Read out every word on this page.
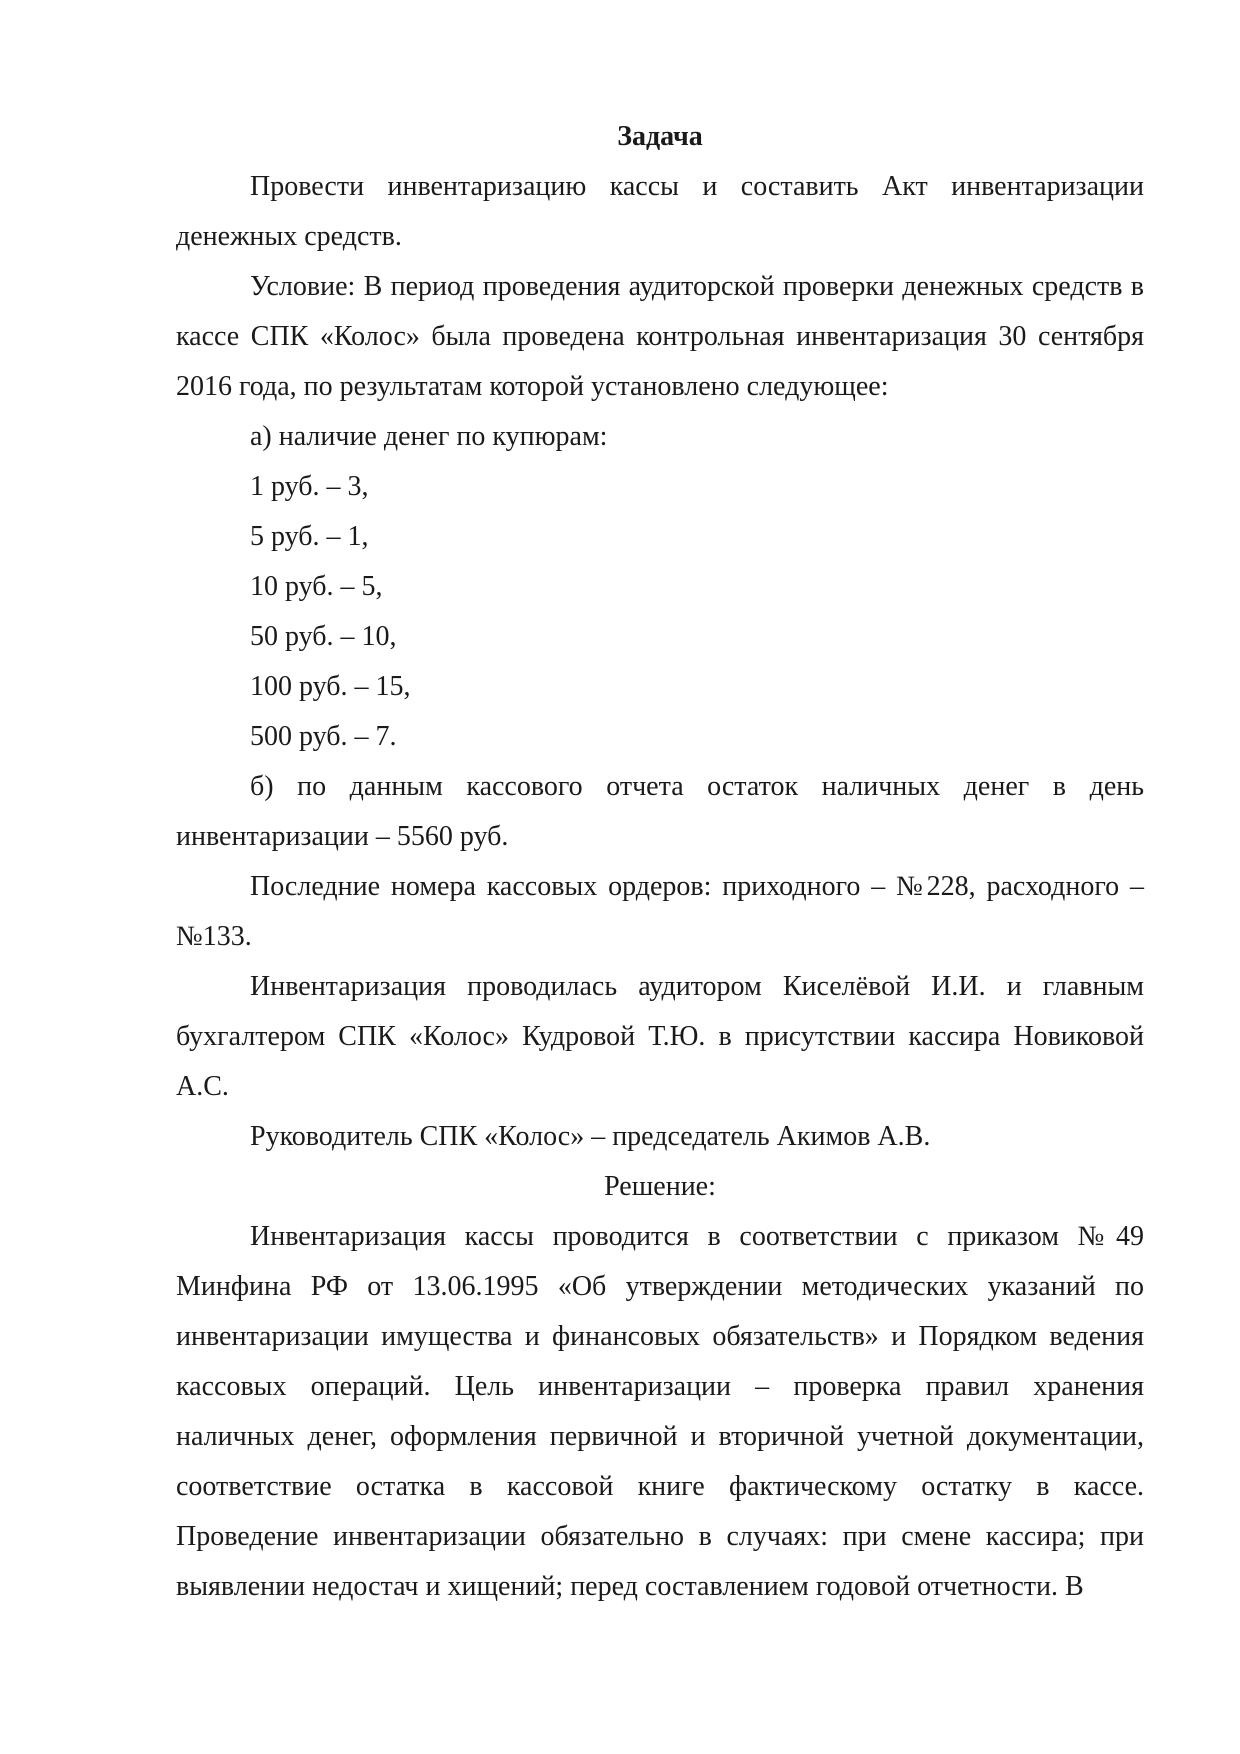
Задача

Провести инвентаризацию кассы и составить Акт инвентаризации денежных средств.

Условие: В период проведения аудиторской проверки денежных средств в кассе СПК «Колос» была проведена контрольная инвентаризация 30 сентября 2016 года, по результатам которой установлено следующее:

а) наличие денег по купюрам:

1 руб. – 3,

5 руб. – 1,

10 руб. – 5,

50 руб. – 10,

100 руб. – 15,

500 руб. – 7.

б) по данным кассового отчета остаток наличных денег в день инвентаризации – 5560 руб.

Последние номера кассовых ордеров: приходного – №228, расходного – №133.

Инвентаризация проводилась аудитором Киселёвой И.И. и главным бухгалтером СПК «Колос» Кудровой Т.Ю. в присутствии кассира Новиковой А.С.

Руководитель СПК «Колос» – председатель Акимов А.В.

Решение:

Инвентаризация кассы проводится в соответствии с приказом №49 Минфина РФ от 13.06.1995 «Об утверждении методических указаний по инвентаризации имущества и финансовых обязательств» и Порядком ведения кассовых операций. Цель инвентаризации – проверка правил хранения наличных денег, оформления первичной и вторичной учетной документации, соответствие остатка в кассовой книге фактическому остатку в кассе. Проведение инвентаризации обязательно в случаях: при смене кассира; при выявлении недостач и хищений; перед составлением годовой отчетности. В
